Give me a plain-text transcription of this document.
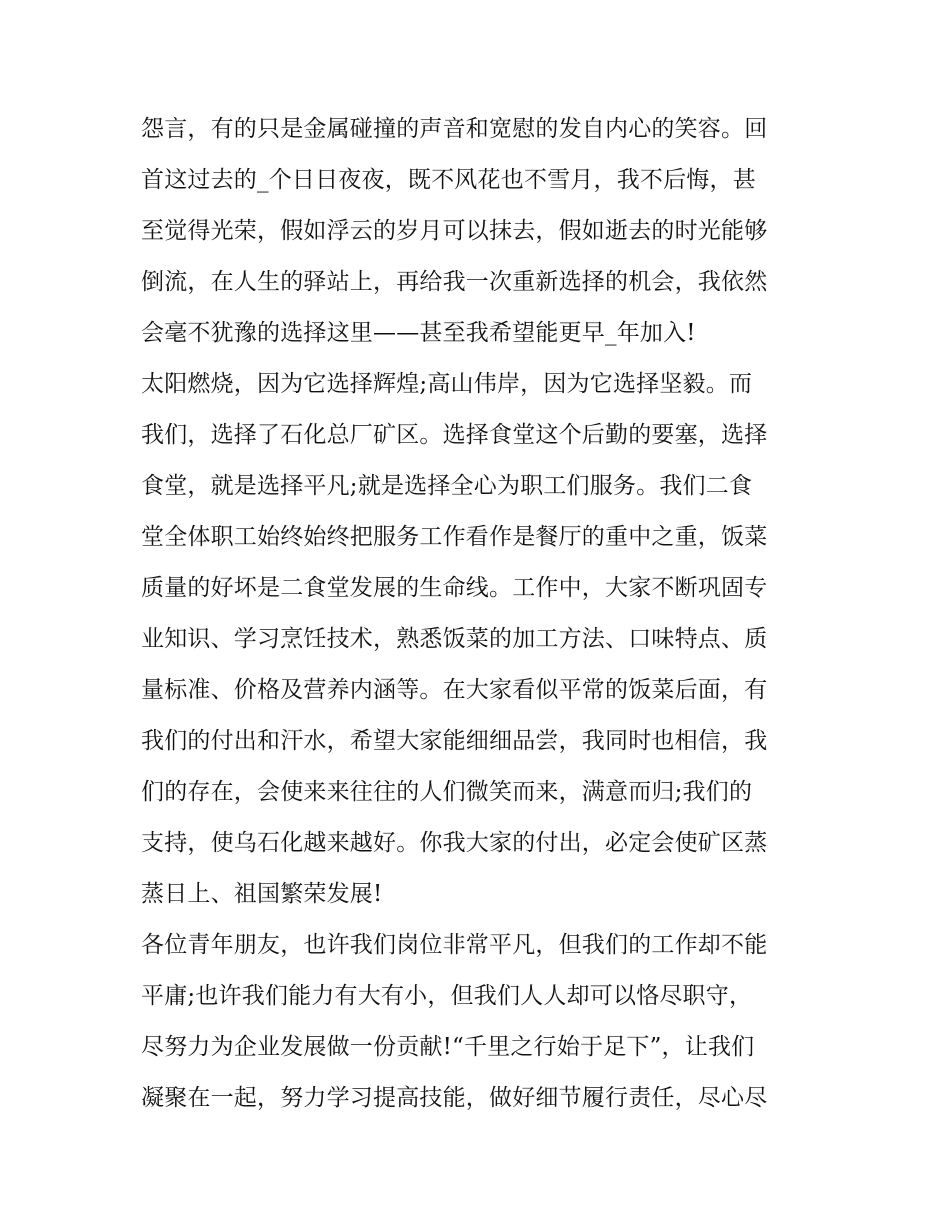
怨言，有的只是金属碰撞的声音和宽慰的发自内心的笑容。回
首这过去的_个日日夜夜，既不风花也不雪月，我不后悔，甚
至觉得光荣，假如浮云的岁月可以抹去，假如逝去的时光能够
倒流，在人生的驿站上，再给我一次重新选择的机会，我依然
会毫不犹豫的选择这里——甚至我希望能更早_年加入!
太阳燃烧，因为它选择辉煌;高山伟岸，因为它选择坚毅。而
我们，选择了石化总厂矿区。选择食堂这个后勤的要塞，选择
食堂，就是选择平凡;就是选择全心为职工们服务。我们二食
堂全体职工始终始终把服务工作看作是餐厅的重中之重，饭菜
质量的好坏是二食堂发展的生命线。工作中，大家不断巩固专
业知识、学习烹饪技术，熟悉饭菜的加工方法、口味特点、质
量标准、价格及营养内涵等。在大家看似平常的饭菜后面，有
我们的付出和汗水，希望大家能细细品尝，我同时也相信，我
们的存在，会使来来往往的人们微笑而来，满意而归;我们的
支持，使乌石化越来越好。你我大家的付出，必定会使矿区蒸
蒸日上、祖国繁荣发展!
各位青年朋友，也许我们岗位非常平凡，但我们的工作却不能
平庸;也许我们能力有大有小，但我们人人却可以恪尽职守，
尽努力为企业发展做一份贡献!“千里之行始于足下”，让我们
凝聚在一起，努力学习提高技能，做好细节履行责任，尽心尽
